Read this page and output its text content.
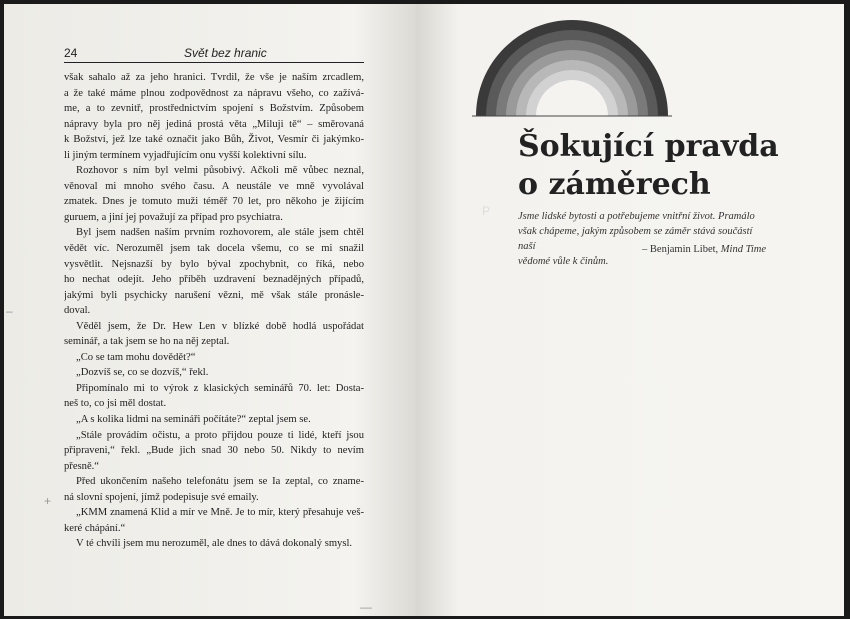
24	Svět bez hranic
však sahalo až za jeho hranici. Tvrdil, že vše je naším zrcadlem,
a že také máme plnou zodpovědnost za nápravu všeho, co zažívá-
me, a to zevnitř, prostřednictvím spojení s Božstvím. Způsobem
nápravy byla pro něj jediná prostá věta „Miluji tě“ – směrovaná
k Božství, jež lze také označit jako Bůh, Život, Vesmír či jakýmko-
li jiným termínem vyjadřujícím onu vyšší kolektivní sílu.
Rozhovor s ním byl velmi působivý. Ačkoli mě vůbec neznal,
věnoval mi mnoho svého času. A neustále ve mně vyvolával
zmatek. Dnes je tomuto muži téměř 70 let, pro někoho je žijícím
guruem, a jiní jej považují za případ pro psychiatra.
Byl jsem nadšen naším prvním rozhovorem, ale stále jsem chtěl
vědět víc. Nerozuměl jsem tak docela všemu, co se mi snažil
vysvětlit. Nejsnazší by bylo býval zpochybnit, co říká, nebo
ho nechat odejít. Jeho příběh uzdravení beznadějných případů,
jakými byli psychicky narušení vězni, mě však stále pronásle-
doval.
Věděl jsem, že Dr. Hew Len v blízké době hodlá uspořádat
seminář, a tak jsem se ho na něj zeptal.
„Co se tam mohu dovědět?“
„Dozvíš se, co se dozvíš,“ řekl.
Připomínalo mi to výrok z klasických seminářů 70. let: Dosta-
neš to, co jsi měl dostat.
„A s kolika lidmi na semináři počítáte?“ zeptal jsem se.
„Stále provádím očistu, a proto přijdou pouze ti lidé, kteří jsou
připraveni,“ řekl. „Bude jich snad 30 nebo 50. Nikdy to nevím
přesně.“
Před ukončením našeho telefonátu jsem se Ia zeptal, co zname-
ná slovní spojení, jímž podepisuje své emaily.
„KMM znamená Klid a mír ve Mně. Je to mír, který přesahuje veš-
keré chápání.“
V té chvíli jsem mu nerozuměl, ale dnes to dává dokonalý smysl.
–
+
—
Šokující pravda
o záměrech
Jsme lidské bytosti a potřebujeme vnitřní život. Pramálo
však chápeme, jakým způsobem se záměr stává součástí naší
vědomé vůle k činům.
– Benjamin Libet, Mind Time
P
